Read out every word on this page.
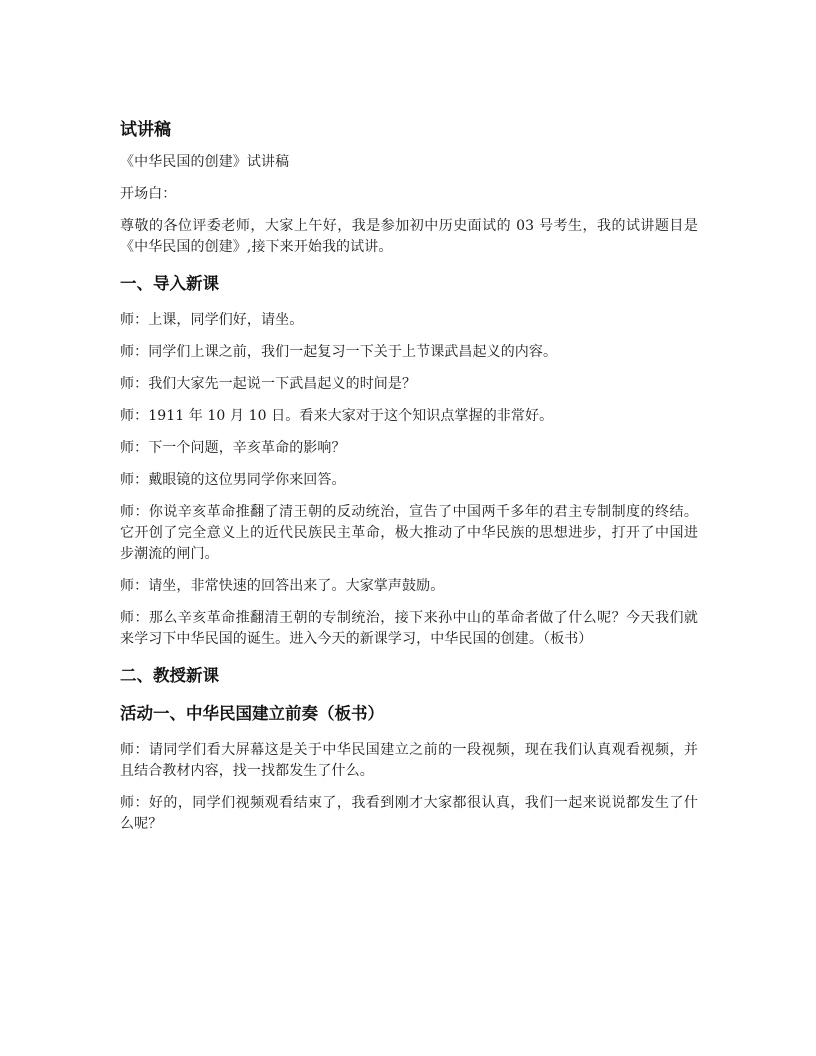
试讲稿

《中华民国的创建》试讲稿

开场白：

尊敬的各位评委老师，大家上午好，我是参加初中历史面试的 03 号考生，我的试讲题目是《中华民国的创建》,接下来开始我的试讲。

一、导入新课

师：上课，同学们好，请坐。

师：同学们上课之前，我们一起复习一下关于上节课武昌起义的内容。

师：我们大家先一起说一下武昌起义的时间是？

师：1911 年 10 月 10 日。看来大家对于这个知识点掌握的非常好。

师：下一个问题，辛亥革命的影响？

师：戴眼镜的这位男同学你来回答。

师：你说辛亥革命推翻了清王朝的反动统治，宣告了中国两千多年的君主专制制度的终结。它开创了完全意义上的近代民族民主革命，极大推动了中华民族的思想进步，打开了中国进步潮流的闸门。

师：请坐，非常快速的回答出来了。大家掌声鼓励。

师：那么辛亥革命推翻清王朝的专制统治，接下来孙中山的革命者做了什么呢？今天我们就来学习下中华民国的诞生。进入今天的新课学习，中华民国的创建。（板书）

二、教授新课
活动一、中华民国建立前奏（板书）

师：请同学们看大屏幕这是关于中华民国建立之前的一段视频，现在我们认真观看视频，并且结合教材内容，找一找都发生了什么。

师：好的，同学们视频观看结束了，我看到刚才大家都很认真，我们一起来说说都发生了什么呢？
